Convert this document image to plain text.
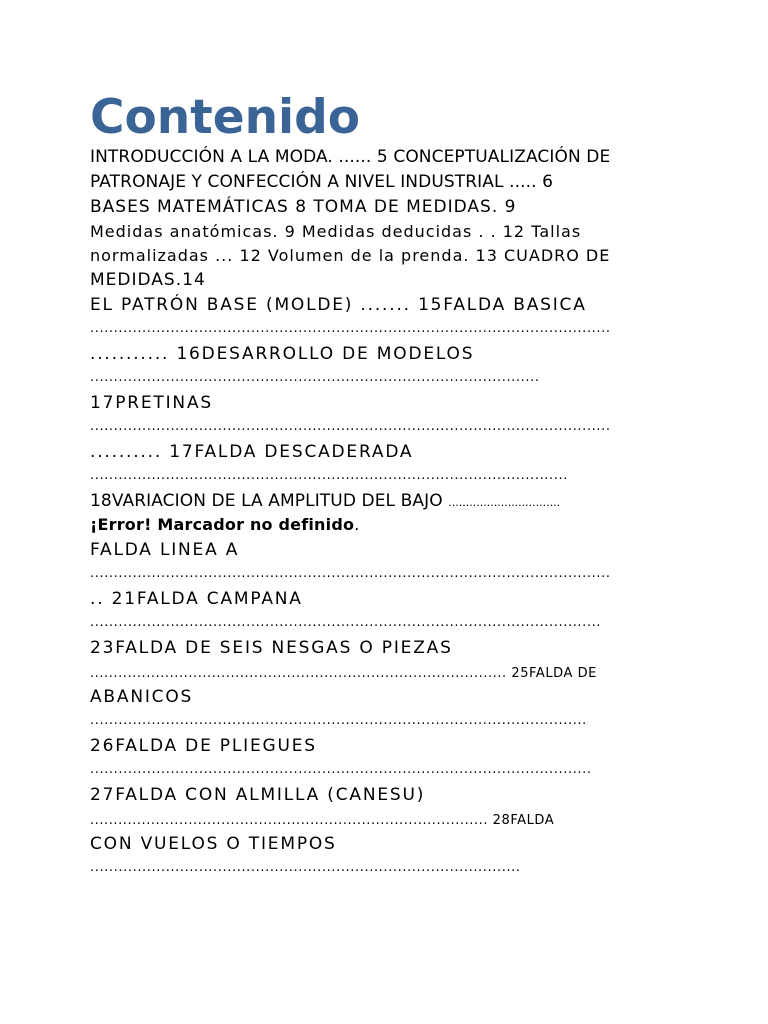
Contenido

INTRODUCCIÓN A LA MODA. ...... 5 CONCEPTUALIZACIÓN DE

PATRONAJE Y CONFECCIÓN A NIVEL INDUSTRIAL ..... 6

BASES MATEMÁTICAS 8 TOMA DE MEDIDAS. 9

Medidas anatómicas. 9 Medidas deducidas . . 12 Tallas

normalizadas ... 12 Volumen de la prenda. 13 CUADRO DE

MEDIDAS.14

EL PATRÓN BASE (MOLDE) ....... 15FALDA BASICA

..............................................................................................................

........... 16DESARROLLO DE MODELOS

...............................................................................................

17PRETINAS

..............................................................................................................

.......... 17FALDA DESCADERADA

.....................................................................................................

18VARIACION DE LA AMPLITUD DEL BAJO ................................

¡Error! Marcador no definido.

FALDA LINEA A

..............................................................................................................

.. 21FALDA CAMPANA

............................................................................................................

23FALDA DE SEIS NESGAS O PIEZAS

......................................................................................... 25FALDA DE

ABANICOS

.........................................................................................................

26FALDA DE PLIEGUES

..........................................................................................................

27FALDA CON ALMILLA (CANESU)

..................................................................................... 28FALDA

CON VUELOS O TIEMPOS

...........................................................................................
